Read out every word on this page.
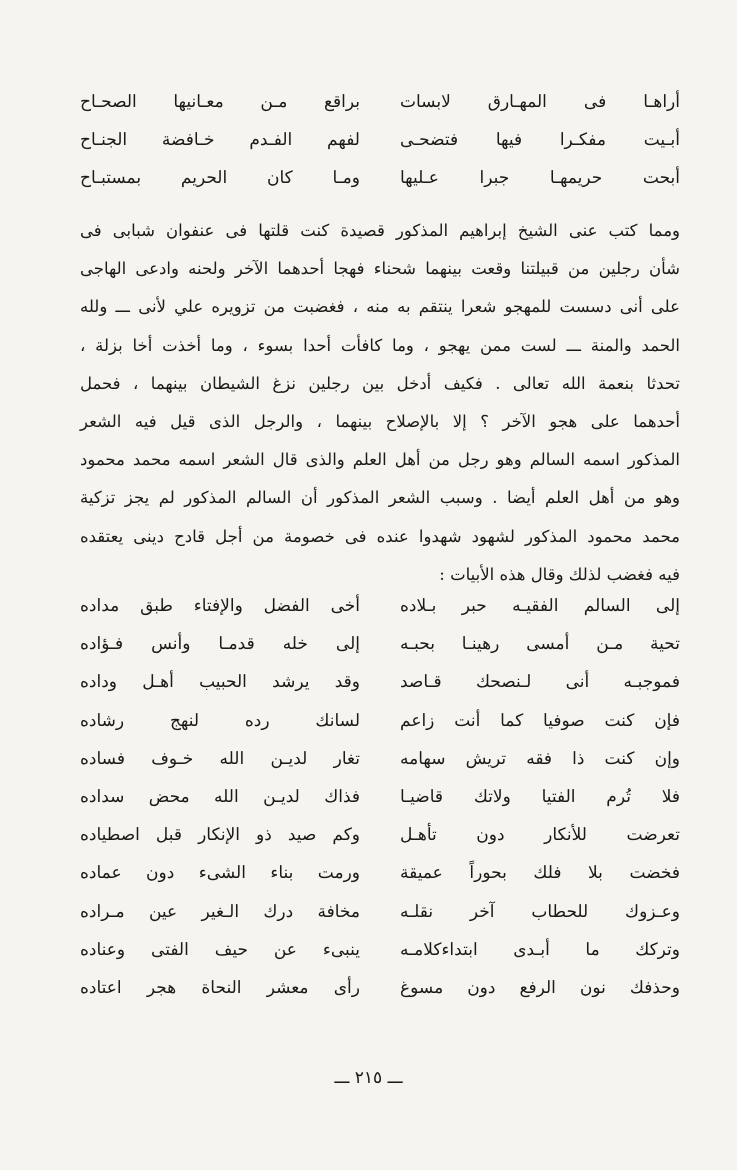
أراهـا فى المهـارق لابسات
براقع مـن معـانيها الصحـاح
أبـيت مفكـرا فيها فتضحـى
لفهم الفـدم خـافضة الجنـاح
أبحت حريمهـا جبرا عـليها
ومـا كان الحريم بمستبـاح
ومما كتب عنى الشيخ إبراهيم المذكور قصيدة كنت قلتها فى عنفوان شبابى فى
شأن رجلين من قبيلتنا وقعت بينهما شحناء فهجا أحدهما الآخر ولحنه وادعى الهاجى
على أنى دسست للمهجو شعرا ينتقم به منه ، فغضبت من تزويره علي لأنى ـــ ولله
الحمد والمنة ـــ لست ممن يهجو ، وما كافأت أحدا بسوء ، وما أخذت أخا بزلة ،
تحدثا بنعمة الله تعالى . فكيف أدخل بين رجلين نزغ الشيطان بينهما ، فحمل
أحدهما على هجو الآخر ؟ إلا بالإصلاح بينهما ، والرجل الذى قيل فيه الشعر
المذكور اسمه السالم وهو رجل من أهل العلم والذى قال الشعر اسمه محمد محمود
وهو من أهل العلم أيضا . وسبب الشعر المذكور أن السالم المذكور لم يجز تزكية
محمد محمود المذكور لشهود شهدوا عنده فى خصومة من أجل قادح دينى يعتقده
فيه فغضب لذلك وقال هذه الأبيات :
إلى السالم الفقيـه حبر بـلاده
أخى الفضل والإفتاء طبق مداده
تحية مـن أمسى رهينـا بحبـه
إلى خله قدمـا وأنس فـؤاده
فموجبـه أنى لـنصحك قـاصد
وقد يرشد الحبيب أهـل وداده
فإن كنت صوفيا كما أنت زاعم
لسانك رده لنهج رشاده
وإن كنت ذا فقه تريش سهامه
تغار لديـن الله خـوف فساده
فلا تُرم الفتيا ولاتك قاضيـا
فذاك لديـن الله محض سداده
تعرضت للأنكار دون تأهـل
وكم صيد ذو الإنكار قبل اصطياده
فخضت بلا فلك بحوراً عميقة
ورمت بناء الشىء دون عماده
وعـزوك للحطاب آخر نقلـه
مخافة درك الـغير عين مـراده
وتركك ما أبـدى ابتداءكلامـه
ينبىء عن حيف الفتى وعناده
وحذفك نون الرفع دون مسوغ
رأى معشر النحاة هجر اعتاده
ـــ ٢١٥ ـــ
